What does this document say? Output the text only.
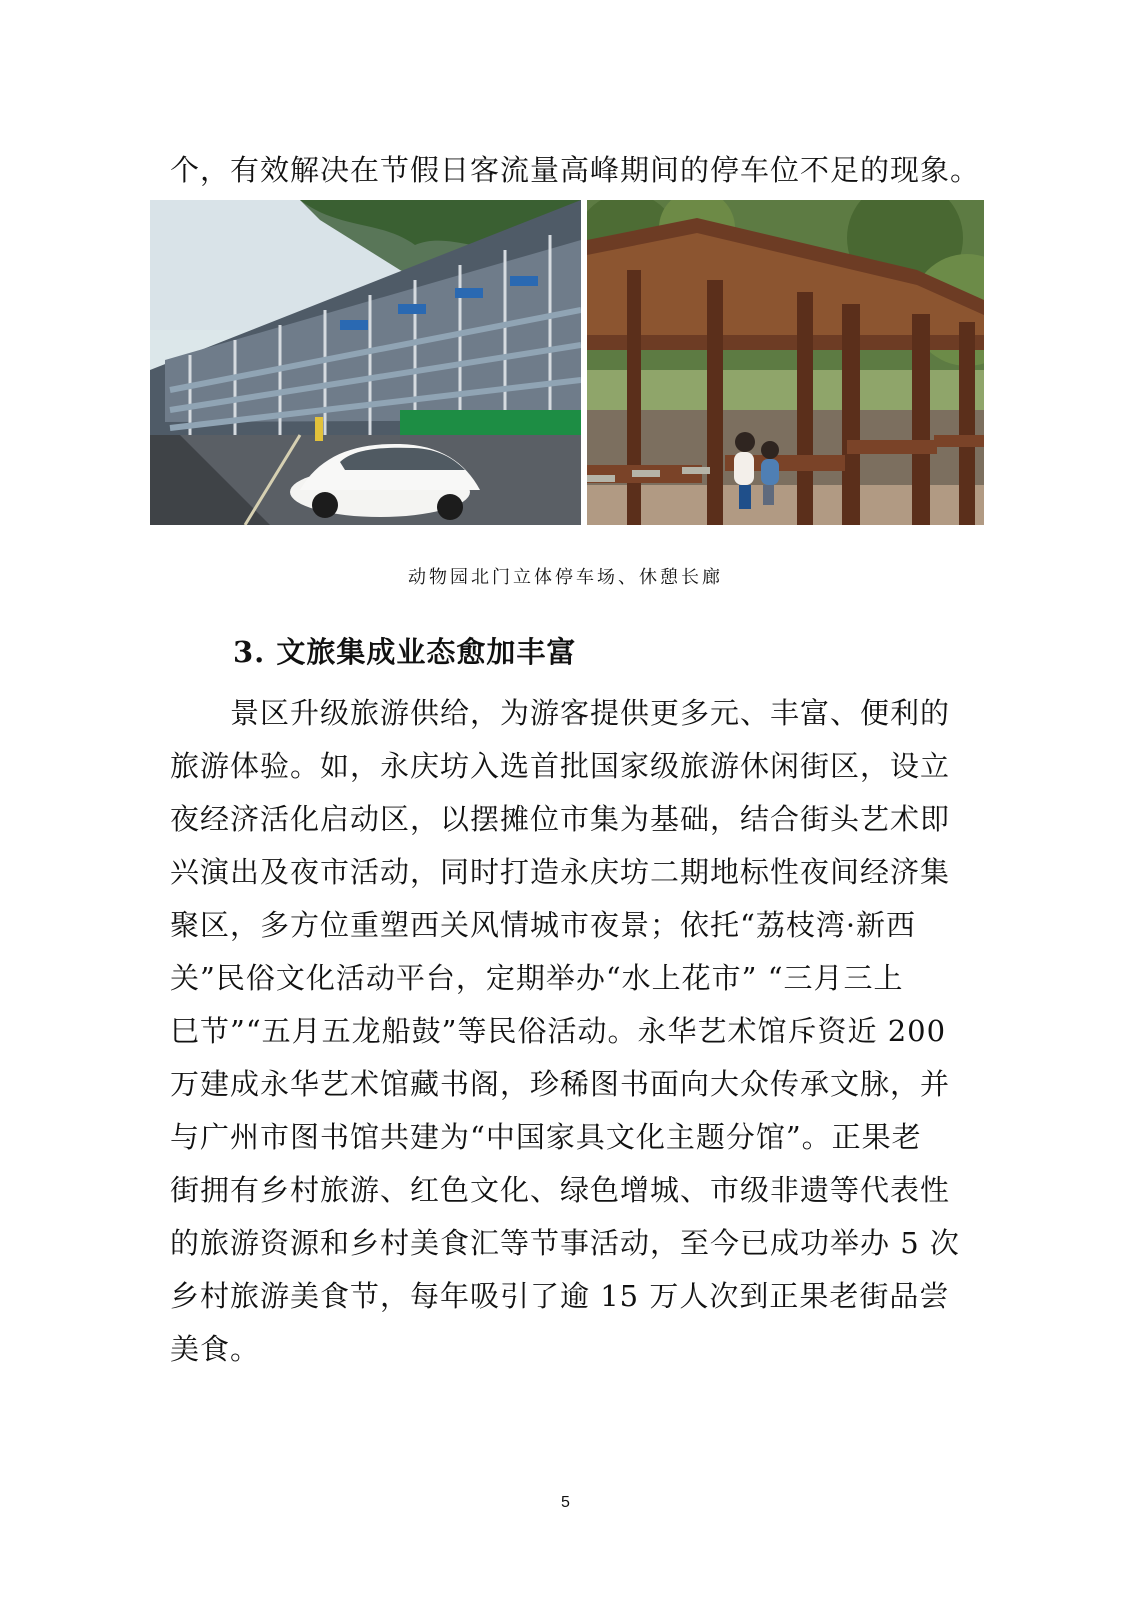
个，有效解决在节假日客流量高峰期间的停车位不足的现象。
动物园北门立体停车场、休憩长廊
3. 文旅集成业态愈加丰富

　　景区升级旅游供给，为游客提供更多元、丰富、便利的

旅游体验。如，永庆坊入选首批国家级旅游休闲街区，设立

夜经济活化启动区，以摆摊位市集为基础，结合街头艺术即

兴演出及夜市活动，同时打造永庆坊二期地标性夜间经济集

聚区，多方位重塑西关风情城市夜景；依托“荔枝湾·新西

关”民俗文化活动平台，定期举办“水上花市” “三月三上

巳节”“五月五龙船鼓”等民俗活动。永华艺术馆斥资近 200

万建成永华艺术馆藏书阁，珍稀图书面向大众传承文脉，并

与广州市图书馆共建为“中国家具文化主题分馆”。正果老

街拥有乡村旅游、红色文化、绿色增城、市级非遗等代表性

的旅游资源和乡村美食汇等节事活动，至今已成功举办 5 次

乡村旅游美食节，每年吸引了逾 15 万人次到正果老街品尝

美食。

5
